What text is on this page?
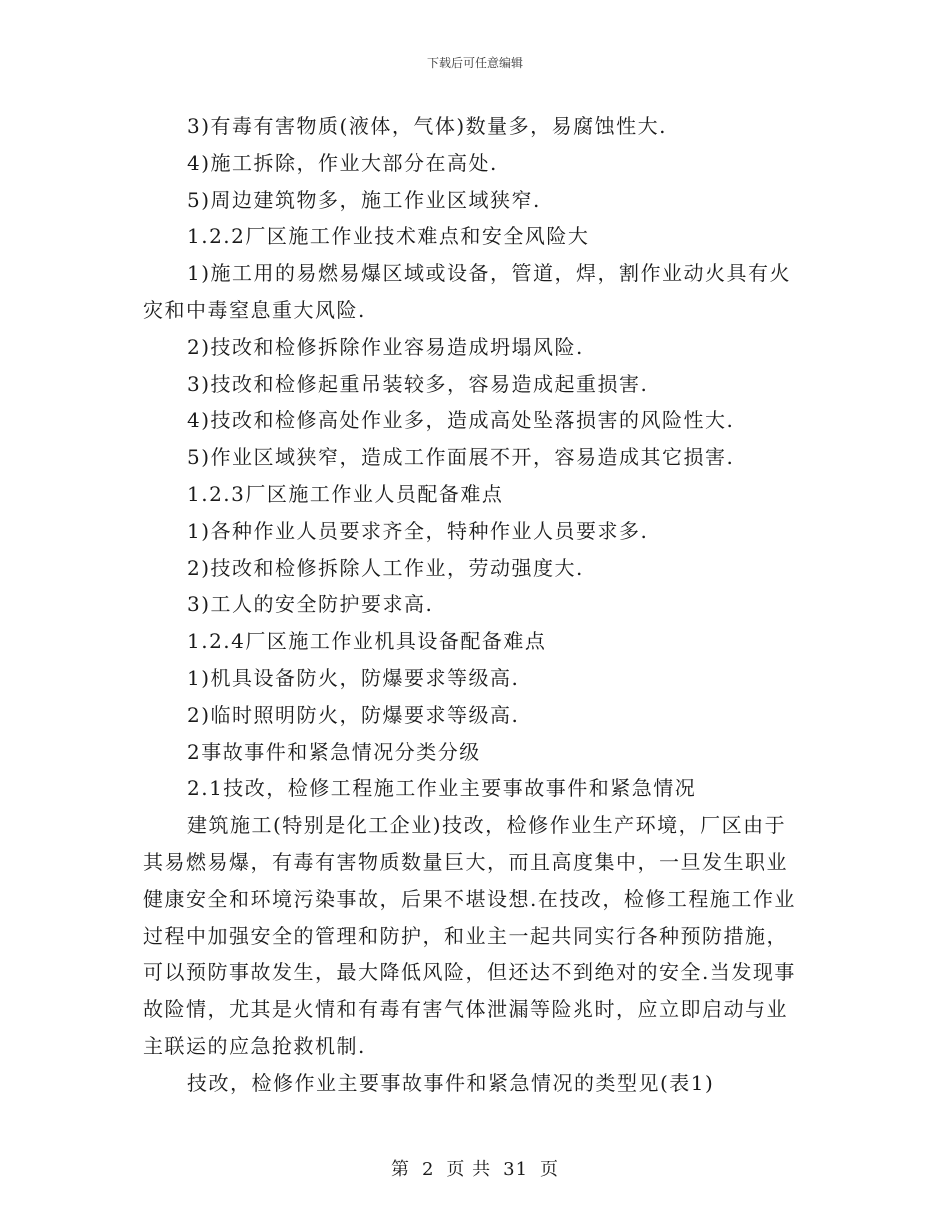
下载后可任意编辑

3)有毒有害物质(液体，气体)数量多，易腐蚀性大.

4)施工拆除，作业大部分在高处.

5)周边建筑物多，施工作业区域狭窄.

1.2.2厂区施工作业技术难点和安全风险大

1)施工用的易燃易爆区域或设备，管道，焊，割作业动火具有火灾和中毒窒息重大风险.

2)技改和检修拆除作业容易造成坍塌风险.

3)技改和检修起重吊装较多，容易造成起重损害.

4)技改和检修高处作业多，造成高处坠落损害的风险性大.

5)作业区域狭窄，造成工作面展不开，容易造成其它损害.

1.2.3厂区施工作业人员配备难点

1)各种作业人员要求齐全，特种作业人员要求多.

2)技改和检修拆除人工作业，劳动强度大.

3)工人的安全防护要求高.

1.2.4厂区施工作业机具设备配备难点

1)机具设备防火，防爆要求等级高.

2)临时照明防火，防爆要求等级高.

2事故事件和紧急情况分类分级

2.1技改，检修工程施工作业主要事故事件和紧急情况

建筑施工(特别是化工企业)技改，检修作业生产环境，厂区由于其易燃易爆，有毒有害物质数量巨大，而且高度集中，一旦发生职业健康安全和环境污染事故，后果不堪设想.在技改，检修工程施工作业过程中加强安全的管理和防护，和业主一起共同实行各种预防措施，可以预防事故发生，最大降低风险，但还达不到绝对的安全.当发现事故险情，尤其是火情和有毒有害气体泄漏等险兆时，应立即启动与业主联运的应急抢救机制.

技改，检修作业主要事故事件和紧急情况的类型见(表1)

第 2 页 共 31 页
